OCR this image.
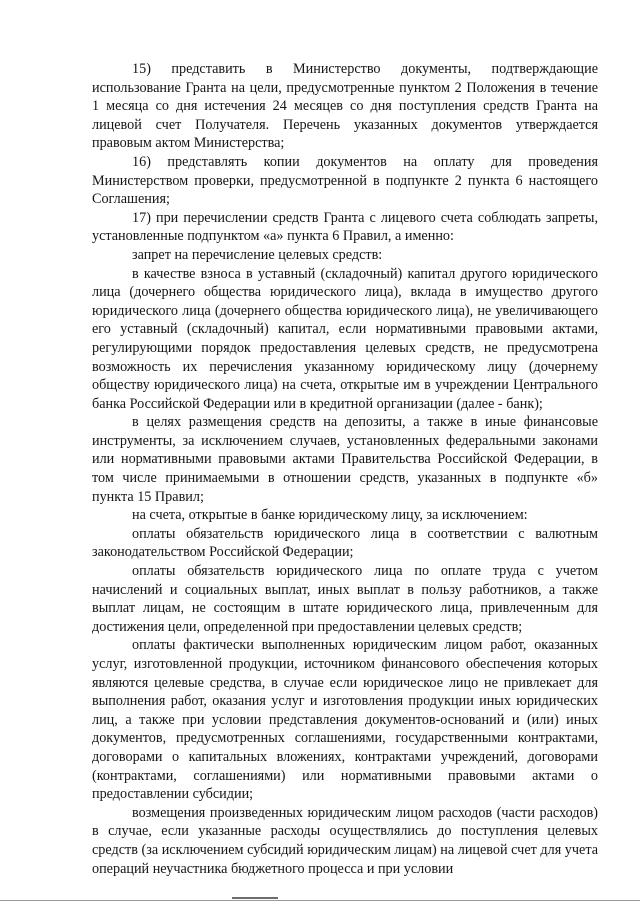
15) представить в Министерство документы, подтверждающие использование Гранта на цели, предусмотренные пунктом 2 Положения в течение 1 месяца со дня истечения 24 месяцев со дня поступления средств Гранта на лицевой счет Получателя. Перечень указанных документов утверждается правовым актом Министерства;

16) представлять копии документов на оплату для проведения Министерством проверки, предусмотренной в подпункте 2 пункта 6 настоящего Соглашения;

17) при перечислении средств Гранта с лицевого счета соблюдать запреты, установленные подпунктом «а» пункта 6 Правил, а именно:

запрет на перечисление целевых средств:

в качестве взноса в уставный (складочный) капитал другого юридического лица (дочернего общества юридического лица), вклада в имущество другого юридического лица (дочернего общества юридического лица), не увеличивающего его уставный (складочный) капитал, если нормативными правовыми актами, регулирующими порядок предоставления целевых средств, не предусмотрена возможность их перечисления указанному юридическому лицу (дочернему обществу юридического лица) на счета, открытые им в учреждении Центрального банка Российской Федерации или в кредитной организации (далее - банк);

в целях размещения средств на депозиты, а также в иные финансовые инструменты, за исключением случаев, установленных федеральными законами или нормативными правовыми актами Правительства Российской Федерации, в том числе принимаемыми в отношении средств, указанных в подпункте «б» пункта 15 Правил;

на счета, открытые в банке юридическому лицу, за исключением:

оплаты обязательств юридического лица в соответствии с валютным законодательством Российской Федерации;

оплаты обязательств юридического лица по оплате труда с учетом начислений и социальных выплат, иных выплат в пользу работников, а также выплат лицам, не состоящим в штате юридического лица, привлеченным для достижения цели, определенной при предоставлении целевых средств;

оплаты фактически выполненных юридическим лицом работ, оказанных услуг, изготовленной продукции, источником финансового обеспечения которых являются целевые средства, в случае если юридическое лицо не привлекает для выполнения работ, оказания услуг и изготовления продукции иных юридических лиц, а также при условии представления документов-оснований и (или) иных документов, предусмотренных соглашениями, государственными контрактами, договорами о капитальных вложениях, контрактами учреждений, договорами (контрактами, соглашениями) или нормативными правовыми актами о предоставлении субсидии;

возмещения произведенных юридическим лицом расходов (части расходов) в случае, если указанные расходы осуществлялись до поступления целевых средств (за исключением субсидий юридическим лицам) на лицевой счет для учета операций неучастника бюджетного процесса и при условии
